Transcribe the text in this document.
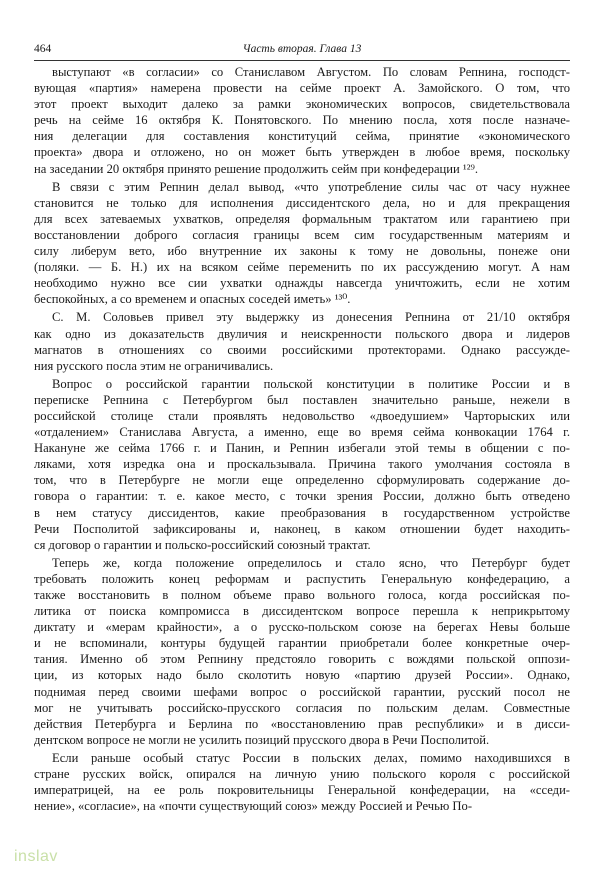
464	Часть вторая. Глава 13
выступают «в согласии» со Станиславом Августом. По словам Репнина, господст-
вующая «партия» намерена провести на сейме проект А. Замойского. О том, что
этот проект выходит далеко за рамки экономических вопросов, свидетельствовала
речь на сейме 16 октября К. Понятовского. По мнению посла, хотя после назначе-
ния делегации для составления конституций сейма, принятие «экономического
проекта» двора и отложено, но он может быть утвержден в любое время, поскольку
на заседании 20 октября принято решение продолжить сейм при конфедерации ¹²⁹.
В связи с этим Репнин делал вывод, «что употребление силы час от часу нужнее
становится не только для исполнения диссидентского дела, но и для прекращения
для всех затеваемых ухватков, определяя формальным трактатом или гарантиею при
восстановлении доброго согласия границы всем сим государственным материям и
силу либерум вето, ибо внутренние их законы к тому не довольны, понеже они
(поляки. — Б. Н.) их на всяком сейме переменить по их рассуждению могут. А нам
необходимо нужно все сии ухватки однажды навсегда уничтожить, если не хотим
беспокойных, а со временем и опасных соседей иметь» ¹³⁰.
С. М. Соловьев привел эту выдержку из донесения Репнина от 21/10 октября
как одно из доказательств двуличия и неискренности польского двора и лидеров
магнатов в отношениях со своими российскими протекторами. Однако рассужде-
ния русского посла этим не ограничивались.
Вопрос о российской гарантии польской конституции в политике России и в
переписке Репнина с Петербургом был поставлен значительно раньше, нежели в
российской столице стали проявлять недовольство «двоедушием» Чарторыских или
«отдалением» Станислава Августа, а именно, еще во время сейма конвокации 1764 г.
Накануне же сейма 1766 г. и Панин, и Репнин избегали этой темы в общении с по-
ляками, хотя изредка она и проскальзывала. Причина такого умолчания состояла в
том, что в Петербурге не могли еще определенно сформулировать содержание до-
говора о гарантии: т. е. какое место, с точки зрения России, должно быть отведено
в нем статусу диссидентов, какие преобразования в государственном устройстве
Речи Посполитой зафиксированы и, наконец, в каком отношении будет находить-
ся договор о гарантии и польско-российский союзный трактат.
Теперь же, когда положение определилось и стало ясно, что Петербург будет
требовать положить конец реформам и распустить Генеральную конфедерацию, а
также восстановить в полном объеме право вольного голоса, когда российская по-
литика от поиска компромисса в диссидентском вопросе перешла к неприкрытому
диктату и «мерам крайности», а о русско-польском союзе на берегах Невы больше
и не вспоминали, контуры будущей гарантии приобретали более конкретные очер-
тания. Именно об этом Репнину предстояло говорить с вождями польской оппози-
ции, из которых надо было сколотить новую «партию друзей России». Однако,
поднимая перед своими шефами вопрос о российской гарантии, русский посол не
мог не учитывать российско-прусского согласия по польским делам. Совместные
действия Петербурга и Берлина по «восстановлению прав республики» и в дисси-
дентском вопросе не могли не усилить позиций прусского двора в Речи Посполитой.
Если раньше особый статус России в польских делах, помимо находившихся в
стране русских войск, опирался на личную унию польского короля с российской
императрицей, на ее роль покровительницы Генеральной конфедерации, на «сседи-
нение», «согласие», на «почти существующий союз» между Россией и Речью По-
inslav
